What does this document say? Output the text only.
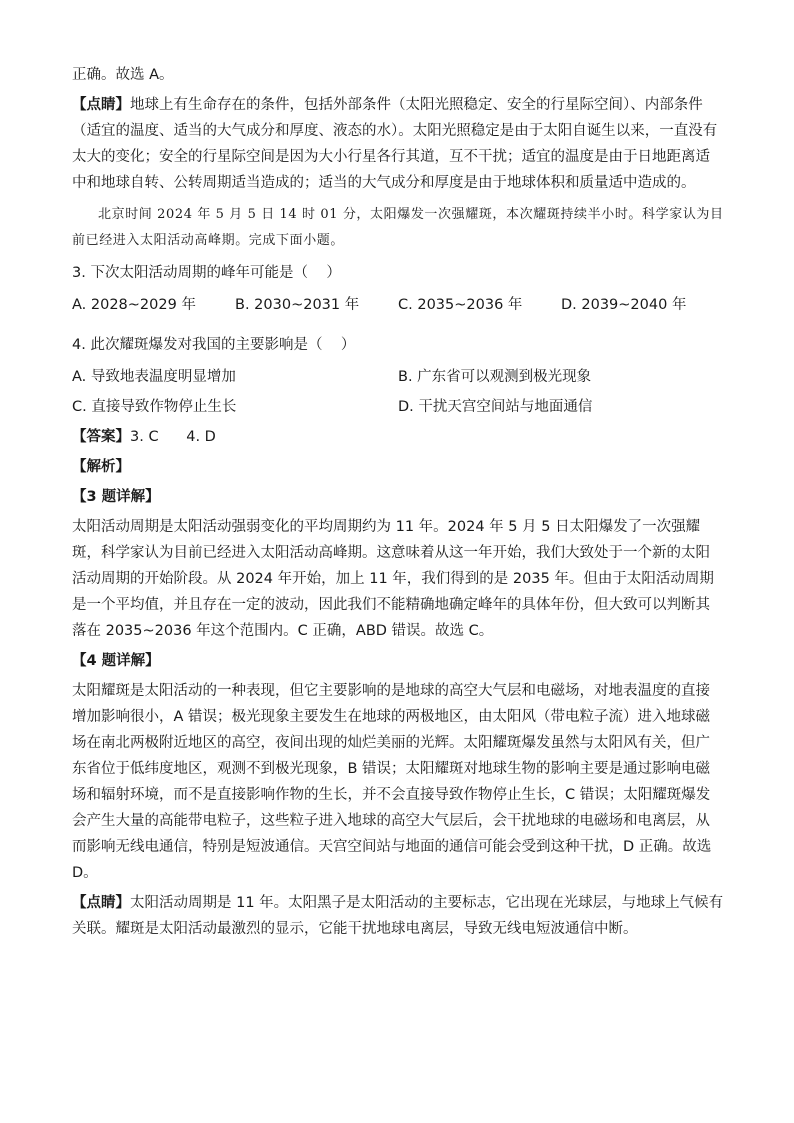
正确。故选 A。

【点睛】地球上有生命存在的条件，包括外部条件（太阳光照稳定、安全的行星际空间）、内部条件（适宜的温度、适当的大气成分和厚度、液态的水）。太阳光照稳定是由于太阳自诞生以来，一直没有太大的变化；安全的行星际空间是因为大小行星各行其道，互不干扰；适宜的温度是由于日地距离适中和地球自转、公转周期适当造成的；适当的大气成分和厚度是由于地球体积和质量适中造成的。

北京时间 2024 年 5 月 5 日 14 时 01 分，太阳爆发一次强耀斑，本次耀斑持续半小时。科学家认为目前已经进入太阳活动高峰期。完成下面小题。

3. 下次太阳活动周期的峰年可能是（    ）

A. 2028~2029 年	B. 2030~2031 年	C. 2035~2036 年	D. 2039~2040 年

4. 此次耀斑爆发对我国的主要影响是（    ）

A. 导致地表温度明显增加	B. 广东省可以观测到极光现象
C. 直接导致作物停止生长	D. 干扰天宫空间站与地面通信

【答案】3. C      4. D

【解析】

【3 题详解】

太阳活动周期是太阳活动强弱变化的平均周期约为 11 年。2024 年 5 月 5 日太阳爆发了一次强耀斑，科学家认为目前已经进入太阳活动高峰期。这意味着从这一年开始，我们大致处于一个新的太阳活动周期的开始阶段。从 2024 年开始，加上 11 年，我们得到的是 2035 年。但由于太阳活动周期是一个平均值，并且存在一定的波动，因此我们不能精确地确定峰年的具体年份，但大致可以判断其落在 2035~2036 年这个范围内。C 正确，ABD 错误。故选 C。

【4 题详解】

太阳耀斑是太阳活动的一种表现，但它主要影响的是地球的高空大气层和电磁场，对地表温度的直接增加影响很小，A 错误；极光现象主要发生在地球的两极地区，由太阳风（带电粒子流）进入地球磁场在南北两极附近地区的高空，夜间出现的灿烂美丽的光辉。太阳耀斑爆发虽然与太阳风有关，但广东省位于低纬度地区，观测不到极光现象，B 错误；太阳耀斑对地球生物的影响主要是通过影响电磁场和辐射环境，而不是直接影响作物的生长，并不会直接导致作物停止生长，C 错误；太阳耀斑爆发会产生大量的高能带电粒子，这些粒子进入地球的高空大气层后，会干扰地球的电磁场和电离层，从而影响无线电通信，特别是短波通信。天宫空间站与地面的通信可能会受到这种干扰，D 正确。故选 D。

【点睛】太阳活动周期是 11 年。太阳黑子是太阳活动的主要标志，它出现在光球层，与地球上气候有关联。耀斑是太阳活动最激烈的显示，它能干扰地球电离层，导致无线电短波通信中断。
